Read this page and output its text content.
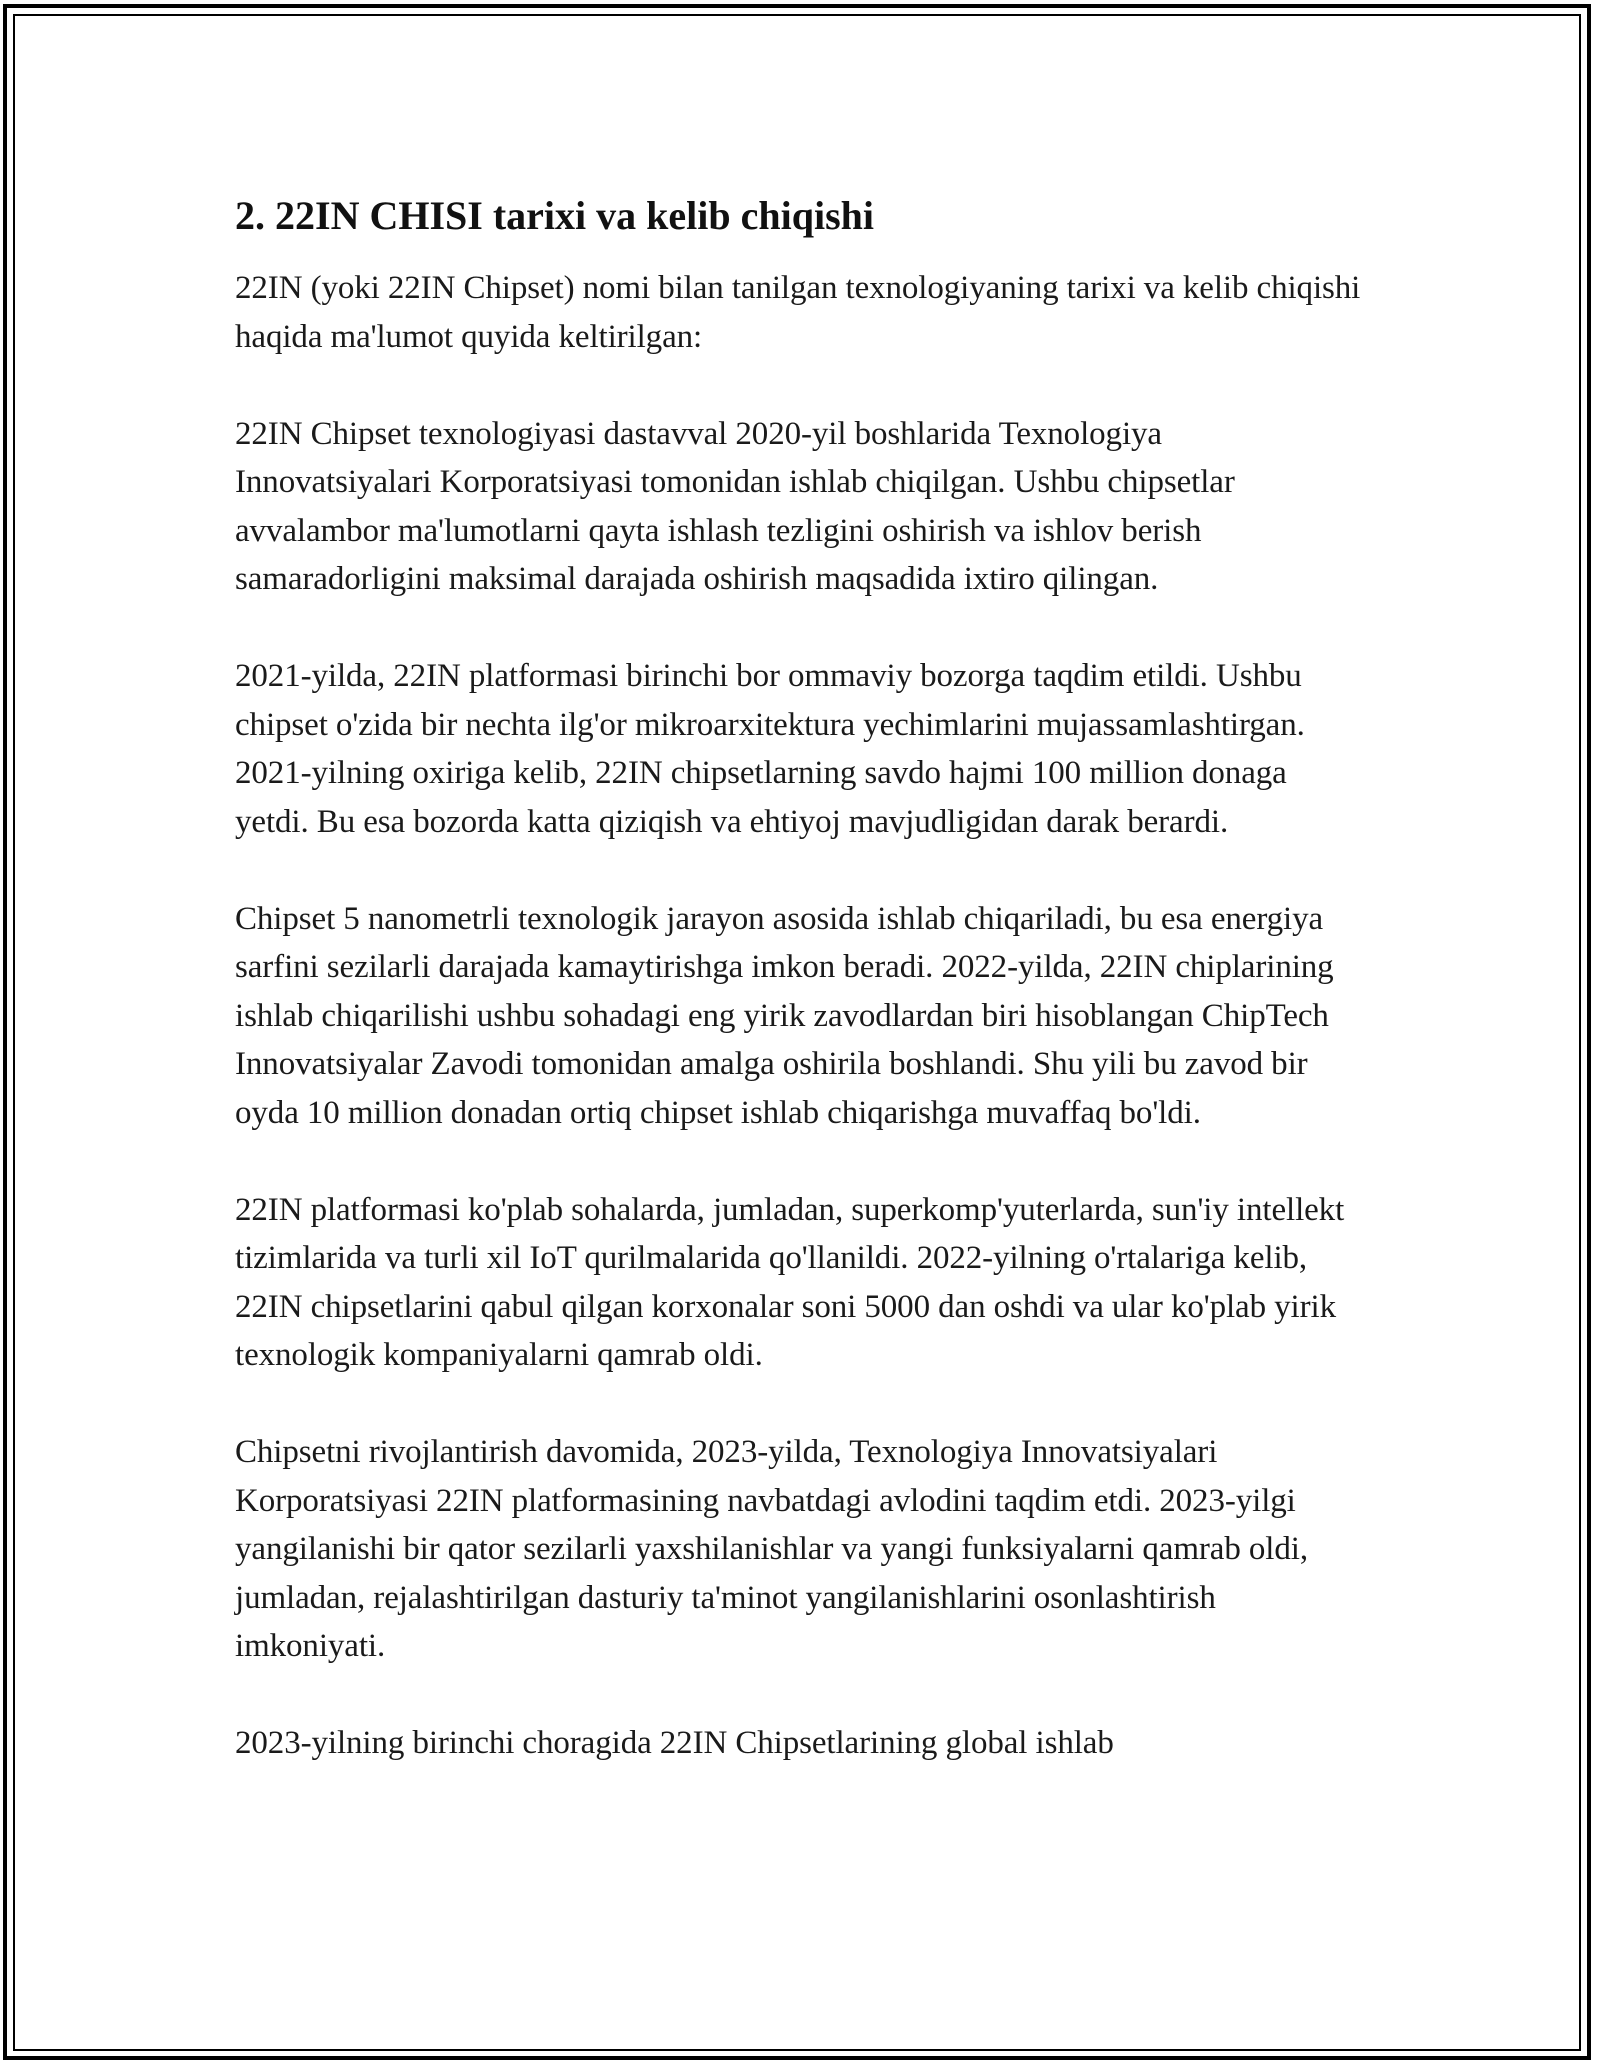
2. 22IN CHISI tarixi va kelib chiqishi

22IN (yoki 22IN Chipset) nomi bilan tanilgan texnologiyaning tarixi va kelib chiqishi haqida ma'lumot quyida keltirilgan:

22IN Chipset texnologiyasi dastavval 2020-yil boshlarida Texnologiya Innovatsiyalari Korporatsiyasi tomonidan ishlab chiqilgan. Ushbu chipsetlar avvalambor ma'lumotlarni qayta ishlash tezligini oshirish va ishlov berish samaradorligini maksimal darajada oshirish maqsadida ixtiro qilingan.

2021-yilda, 22IN platformasi birinchi bor ommaviy bozorga taqdim etildi. Ushbu chipset o'zida bir nechta ilg'or mikroarxitektura yechimlarini mujassamlashtirgan. 2021-yilning oxiriga kelib, 22IN chipsetlarning savdo hajmi 100 million donaga yetdi. Bu esa bozorda katta qiziqish va ehtiyoj mavjudligidan darak berardi.

Chipset 5 nanometrli texnologik jarayon asosida ishlab chiqariladi, bu esa energiya sarfini sezilarli darajada kamaytirishga imkon beradi. 2022-yilda, 22IN chiplarining ishlab chiqarilishi ushbu sohadagi eng yirik zavodlardan biri hisoblangan ChipTech Innovatsiyalar Zavodi tomonidan amalga oshirila boshlandi. Shu yili bu zavod bir oyda 10 million donadan ortiq chipset ishlab chiqarishga muvaffaq bo'ldi.

22IN platformasi ko'plab sohalarda, jumladan, superkomp'yuterlarda, sun'iy intellekt tizimlarida va turli xil IoT qurilmalarida qo'llanildi. 2022-yilning o'rtalariga kelib, 22IN chipsetlarini qabul qilgan korxonalar soni 5000 dan oshdi va ular ko'plab yirik texnologik kompaniyalarni qamrab oldi.

Chipsetni rivojlantirish davomida, 2023-yilda, Texnologiya Innovatsiyalari Korporatsiyasi 22IN platformasining navbatdagi avlodini taqdim etdi. 2023-yilgi yangilanishi bir qator sezilarli yaxshilanishlar va yangi funksiyalarni qamrab oldi, jumladan, rejalashtirilgan dasturiy ta'minot yangilanishlarini osonlashtirish imkoniyati.

2023-yilning birinchi choragida 22IN Chipsetlarining global ishlab
